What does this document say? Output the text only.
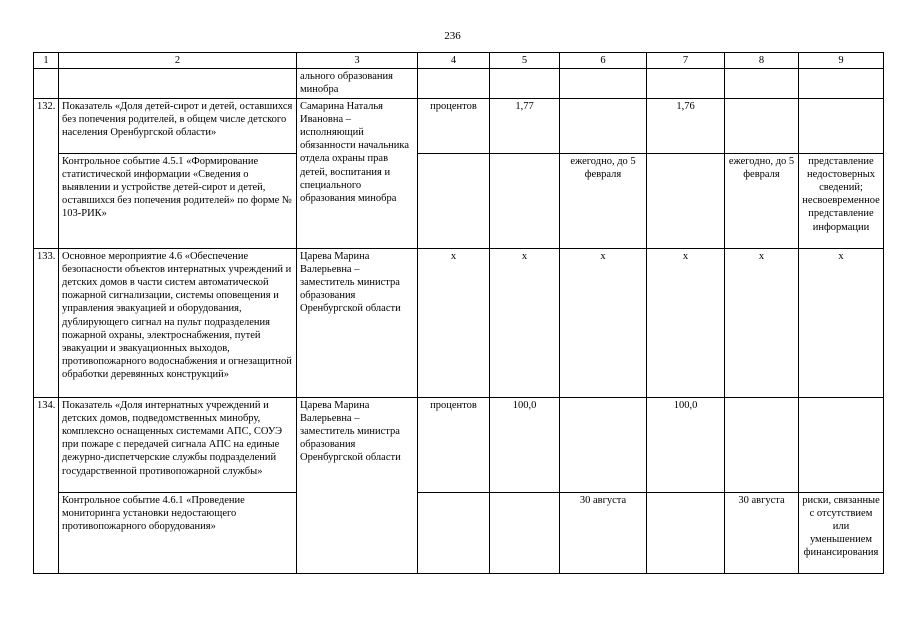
236
1	2	3	4	5	6	7	8	9
		ального образования минобра						
132.	Показатель «Доля детей-сирот и детей, оставшихся без попечения родителей, в общем числе детского населения Оренбургской области»	Самарина Наталья Ивановна – исполняющий обязанности начальника отдела охраны прав детей, воспитания и специального образования минобра	процентов	1,77		1,76		
	Контрольное событие 4.5.1 «Формирование статистической информации «Сведения о выявлении и устройстве детей-сирот и детей, оставшихся без попечения родителей» по форме № 103-РИК»				ежегодно, до 5 февраля		ежегодно, до 5 февраля	представление недостоверных сведений; несвоевременное представление информации
133.	Основное мероприятие 4.6 «Обеспечение безопасности объектов интернатных учреждений и детских домов в части систем автоматической пожарной сигнализации, системы оповещения и управления эвакуацией и оборудования, дублирующего сигнал на пульт подразделения пожарной охраны, электроснабжения, путей эвакуации и эвакуационных выходов, противопожарного водоснабжения и огнезащитной обработки деревянных конструкций»	Царева Марина Валерьевна – заместитель министра образования Оренбургской области	х	х	х	х	х	х
134.	Показатель «Доля интернатных учреждений и детских домов, подведомственных минобру, комплексно оснащенных системами АПС, СОУЭ при пожаре с передачей сигнала АПС на единые дежурно-диспетчерские службы подразделений государственной противопожарной службы»	Царева Марина Валерьевна – заместитель министра образования Оренбургской области	процентов	100,0		100,0		
	Контрольное событие 4.6.1 «Проведение мониторинга установки недостающего противопожарного оборудования»				30 августа		30 августа	риски, связанные с отсутствием или уменьшением финансирования
